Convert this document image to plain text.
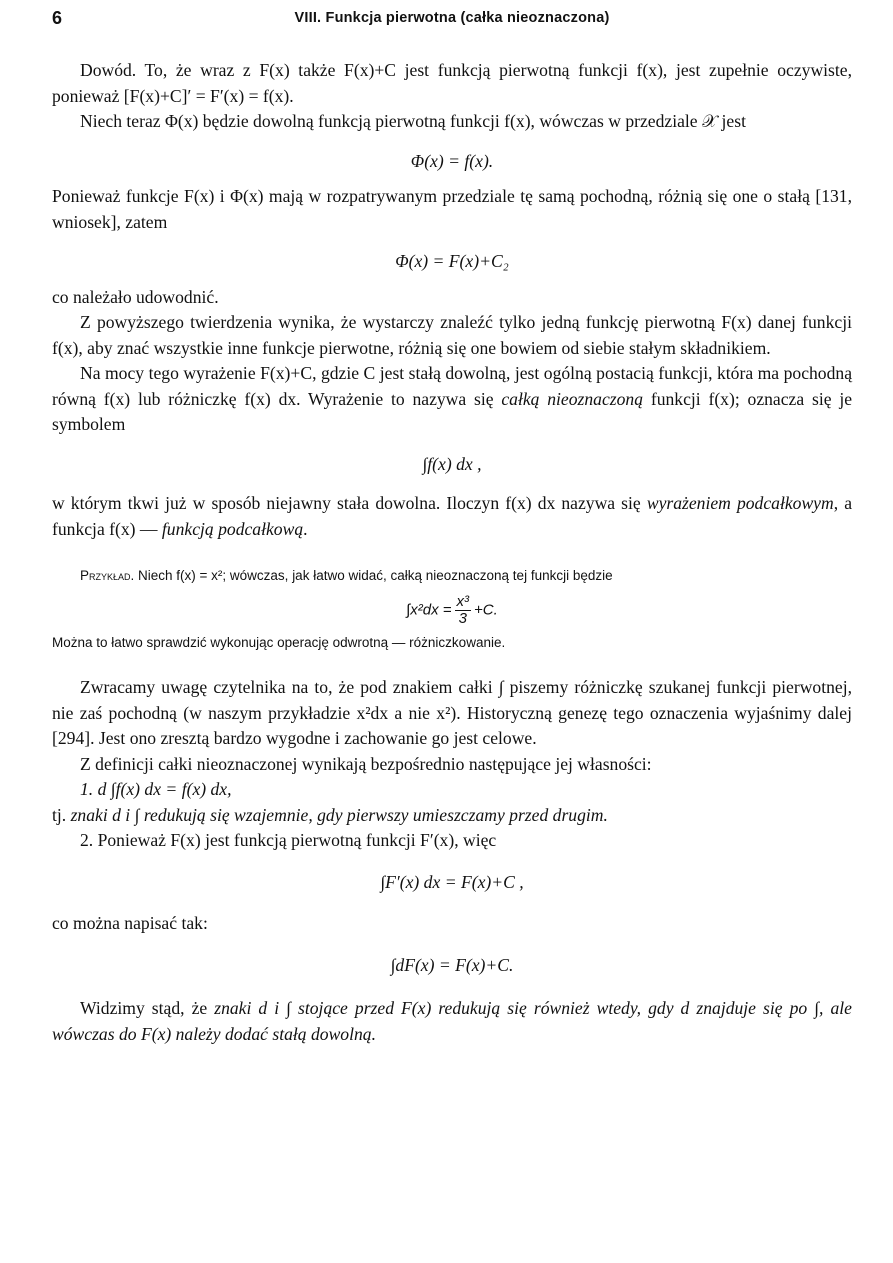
6	VIII. Funkcja pierwotna (całka nieoznaczona)

Dowód. To, że wraz z F(x) także F(x)+C jest funkcją pierwotną funkcji f(x), jest zupełnie oczywiste, ponieważ [F(x)+C]′ = F′(x) = f(x).

Niech teraz Φ(x) będzie dowolną funkcją pierwotną funkcji f(x), wówczas w przedziale 𝒳 jest

Φ(x) = f(x).

Ponieważ funkcje F(x) i Φ(x) mają w rozpatrywanym przedziale tę samą pochodną, różnią się one o stałą [131, wniosek], zatem

Φ(x) = F(x)+C₂

co należało udowodnić.

Z powyższego twierdzenia wynika, że wystarczy znaleźć tylko jedną funkcję pierwotną F(x) danej funkcji f(x), aby znać wszystkie inne funkcje pierwotne, różnią się one bowiem od siebie stałym składnikiem.

Na mocy tego wyrażenie F(x)+C, gdzie C jest stałą dowolną, jest ogólną postacią funkcji, która ma pochodną równą f(x) lub różniczkę f(x) dx. Wyrażenie to nazywa się całką nieoznaczoną funkcji f(x); oznacza się je symbolem

∫f(x) dx ,

w którym tkwi już w sposób niejawny stała dowolna. Iloczyn f(x) dx nazywa się wyrażeniem podcałkowym, a funkcja f(x) — funkcją podcałkową.

Przykład. Niech f(x) = x²; wówczas, jak łatwo widać, całką nieoznaczoną tej funkcji będzie

$\int x^2dx = \frac{\text{x³}}{3} +C$.

Można to łatwo sprawdzić wykonując operację odwrotną — różniczkowanie.

Zwracamy uwagę czytelnika na to, że pod znakiem całki ∫ piszemy różniczkę szukanej funkcji pierwotnej, nie zaś pochodną (w naszym przykładzie x²dx a nie x²). Historyczną genezę tego oznaczenia wyjaśnimy dalej [294]. Jest ono zresztą bardzo wygodne i zachowanie go jest celowe.

Z definicji całki nieoznaczonej wynikają bezpośrednio następujące jej własności:

1. d ∫f(x) dx = f(x) dx,

tj. znaki d i ∫ redukują się wzajemnie, gdy pierwszy umieszczamy przed drugim.

2. Ponieważ F(x) jest funkcją pierwotną funkcji F′(x), więc

∫F′(x) dx = F(x)+C ,

co można napisać tak:

∫dF(x) = F(x)+C.

Widzimy stąd, że znaki d i ∫ stojące przed F(x) redukują się również wtedy, gdy d znajduje się po ∫, ale wówczas do F(x) należy dodać stałą dowolną.
